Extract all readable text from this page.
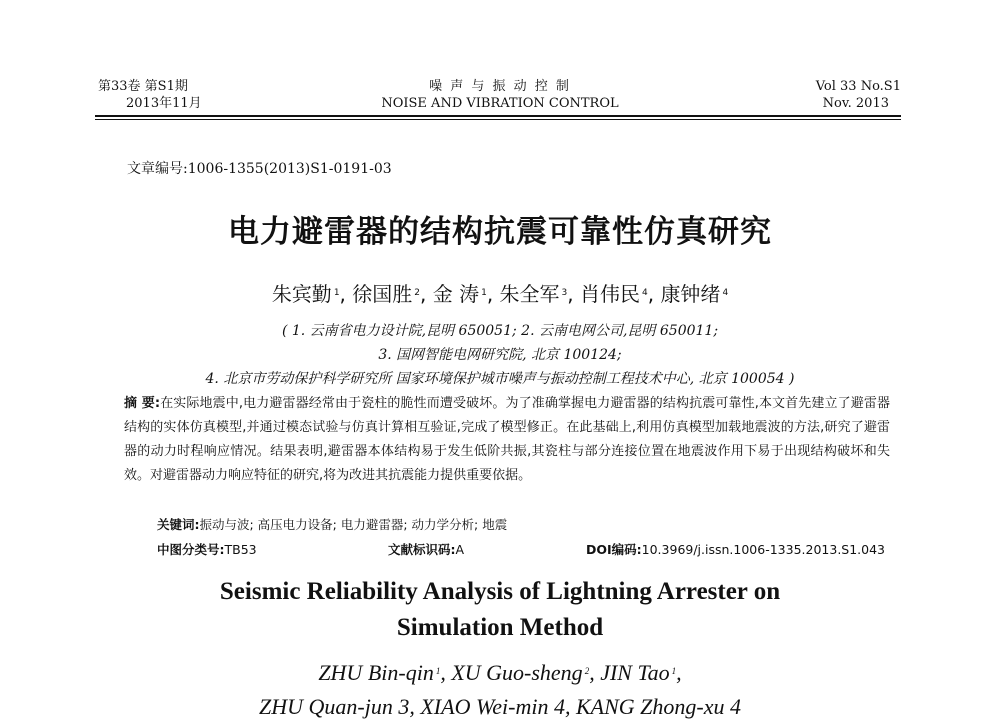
第33卷 第S1期
2013年11月
噪 声 与 振 动 控 制
NOISE AND VIBRATION CONTROL
Vol 33 No.S1
Nov. 2013
文章编号:1006-1355(2013)S1-0191-03
电力避雷器的结构抗震可靠性仿真研究
朱宾勤 $^1$, 徐国胜 $^2$, 金 涛 $^1$, 朱全军 $^3$, 肖伟民 $^4$, 康钟绪 $^4$
( 1. 云南省电力设计院,昆明 650051; 2. 云南电网公司,昆明 650011;
3. 国网智能电网研究院, 北京 100124;
4. 北京市劳动保护科学研究所 国家环境保护城市噪声与振动控制工程技术中心, 北京 100054 )
摘 要:在实际地震中,电力避雷器经常由于瓷柱的脆性而遭受破坏。为了准确掌握电力避雷器的结构抗震可靠性,本文首先建立了避雷器结构的实体仿真模型,并通过模态试验与仿真计算相互验证,完成了模型修正。在此基础上,利用仿真模型加载地震波的方法,研究了避雷器的动力时程响应情况。结果表明,避雷器本体结构易于发生低阶共振,其瓷柱与部分连接位置在地震波作用下易于出现结构破坏和失效。对避雷器动力响应特征的研究,将为改进其抗震能力提供重要依据。
关键词:振动与波; 高压电力设备; 电力避雷器; 动力学分析; 地震
中图分类号:TB53	文献标识码:A	DOI编码:10.3969/j.issn.1006-1335.2013.S1.043
Seismic Reliability Analysis of Lightning Arrester on
Simulation Method
ZHU Bin-qin $^1$, XU Guo-sheng $^2$, JIN Tao $^1$,
ZHU Quan-jun 3, XIAO Wei-min 4, KANG Zhong-xu 4
